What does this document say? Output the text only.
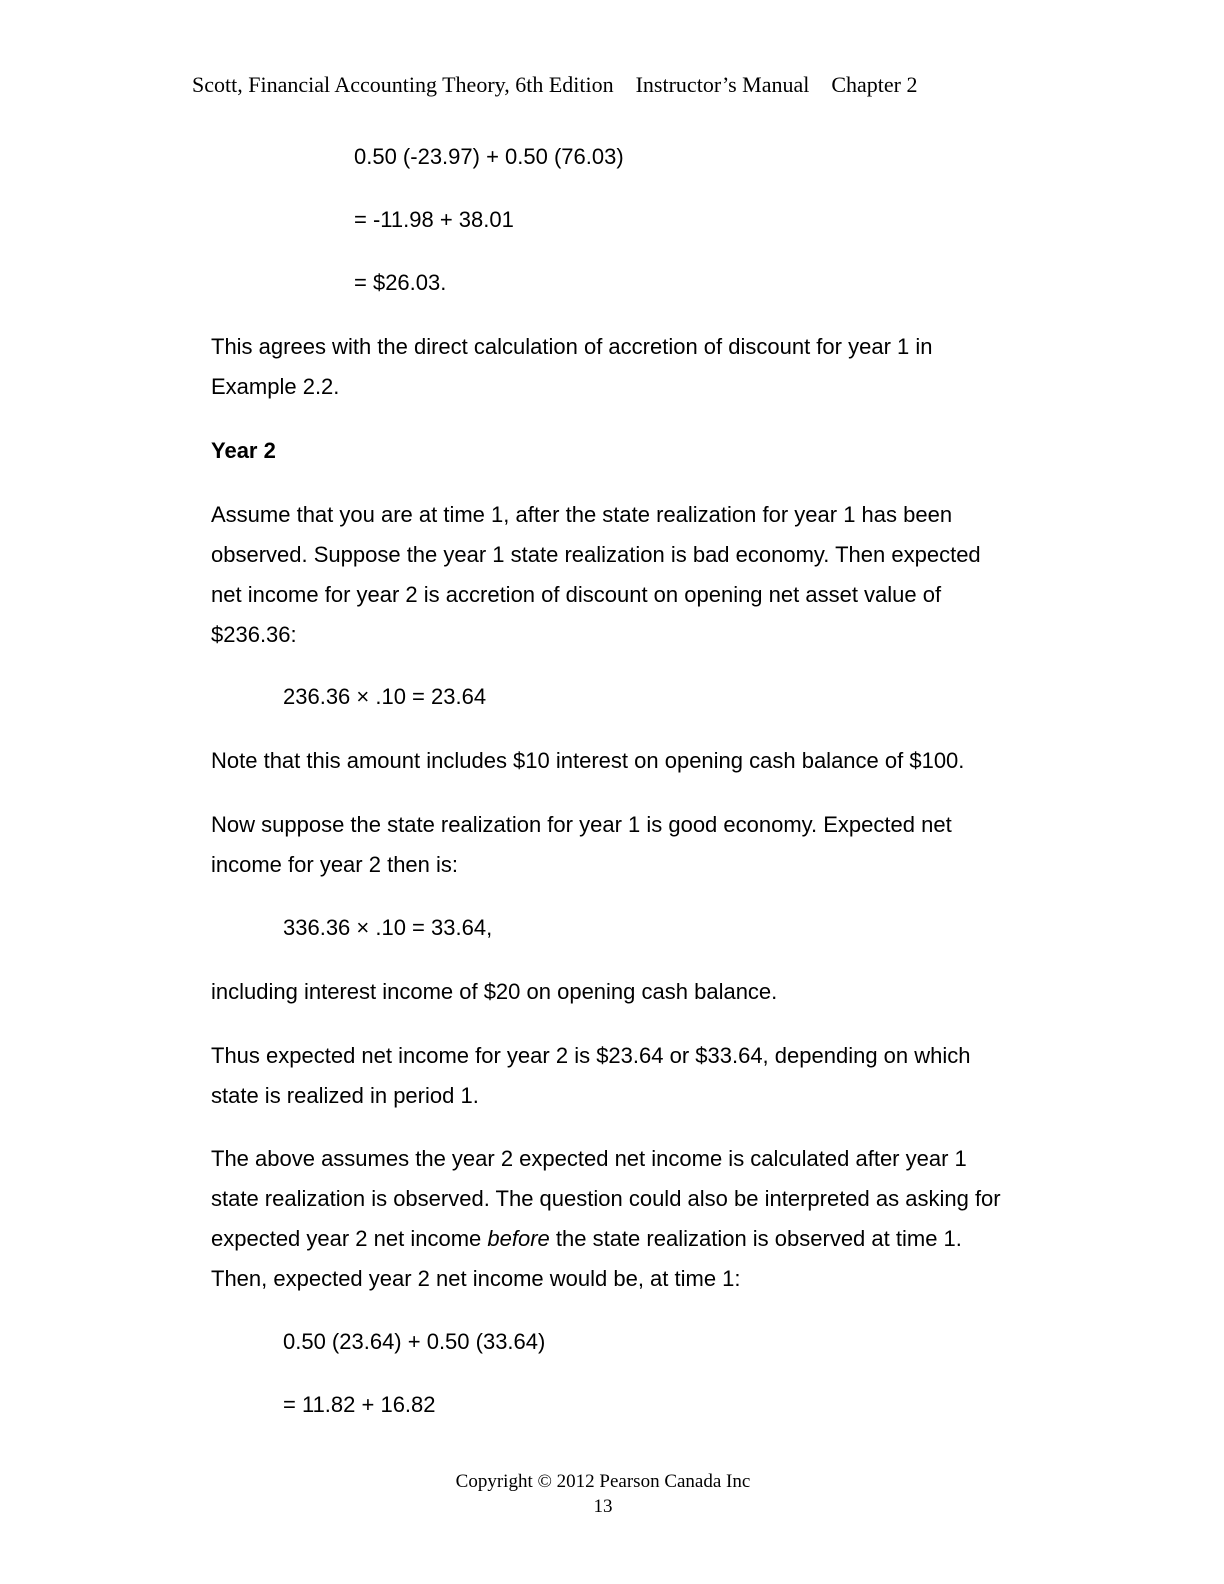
Scott, Financial Accounting Theory, 6th Edition Instructor’s Manual Chapter 2
0.50 (-23.97) + 0.50 (76.03)
= -11.98 + 38.01
= $26.03.
This agrees with the direct calculation of accretion of discount for year 1 in
Example 2.2.
Year 2
Assume that you are at time 1, after the state realization for year 1 has been
observed. Suppose the year 1 state realization is bad economy. Then expected
net income for year 2 is accretion of discount on opening net asset value of
$236.36:
236.36 × .10 = 23.64
Note that this amount includes $10 interest on opening cash balance of $100.
Now suppose the state realization for year 1 is good economy. Expected net
income for year 2 then is:
336.36 × .10 = 33.64,
including interest income of $20 on opening cash balance.
Thus expected net income for year 2 is $23.64 or $33.64, depending on which
state is realized in period 1.
The above assumes the year 2 expected net income is calculated after year 1
state realization is observed. The question could also be interpreted as asking for
expected year 2 net income before the state realization is observed at time 1.
Then, expected year 2 net income would be, at time 1:
0.50 (23.64) + 0.50 (33.64)
= 11.82 + 16.82
Copyright © 2012 Pearson Canada Inc
13
